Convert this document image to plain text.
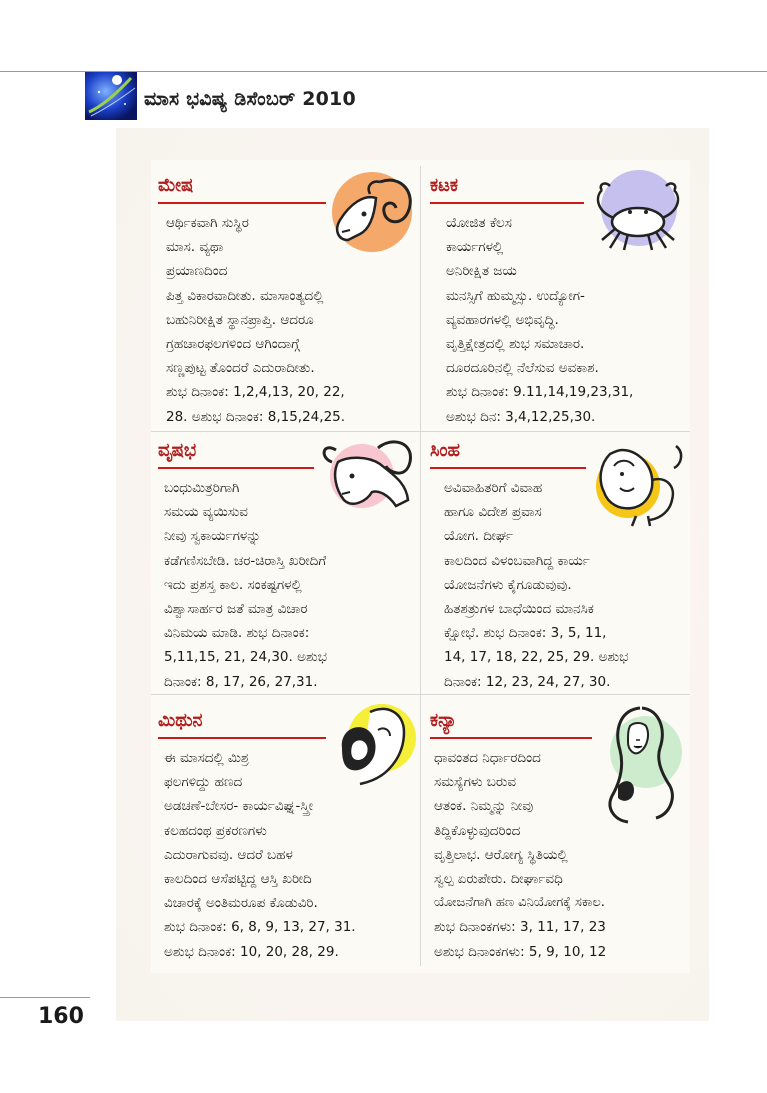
ಮಾಸ ಭವಿಷ್ಯ ಡಿಸೆಂಬರ್ 2010
ಮೇಷ
ಆರ್ಥಿಕವಾಗಿ ಸುಸ್ಥಿರ
ಮಾಸ. ವ್ಯಥಾ
ಪ್ರಯಾಣದಿಂದ
ಪಿತ್ತ ವಿಕಾರವಾದೀತು. ಮಾಸಾಂತ್ಯದಲ್ಲಿ
ಬಹುನಿರೀಕ್ಷಿತ ಸ್ಥಾನಪ್ರಾಪ್ತಿ. ಆದರೂ
ಗ್ರಹಚಾರಫಲಗಳಿಂದ ಆಗಿಂದಾಗ್ಗೆ
ಸಣ್ಣಪುಟ್ಟ ತೊಂದರೆ ಎದುರಾದೀತು.
ಶುಭ ದಿನಾಂಕ: 1,2,4,13, 20, 22,
28. ಅಶುಭ ದಿನಾಂಕ: 8,15,24,25.
ಕಟಕ
ಯೋಜಿತ ಕೆಲಸ
ಕಾರ್ಯಗಳಲ್ಲಿ
ಅನಿರೀಕ್ಷಿತ ಜಯ
ಮನಸ್ಸಿಗೆ ಹುಮ್ಮಸ್ಸು. ಉದ್ಯೋಗ-
ವ್ಯವಹಾರಗಳಲ್ಲಿ ಅಭಿವೃದ್ಧಿ.
ವೃತ್ತಿಕ್ಷೇತ್ರದಲ್ಲಿ ಶುಭ ಸಮಾಚಾರ.
ದೂರದೂರಿನಲ್ಲಿ ನೆಲೆಸುವ ಅವಕಾಶ.
ಶುಭ ದಿನಾಂಕ: 9.11,14,19,23,31,
ಅಶುಭ ದಿನ: 3,4,12,25,30.
ವೃಷಭ
ಬಂಧುಮಿತ್ರರಿಗಾಗಿ
ಸಮಯ ವ್ಯಯಿಸುವ
ನೀವು ಸ್ವಕಾರ್ಯಗಳನ್ನು
ಕಡೆಗಣಿಸಬೇಡಿ. ಚರ-ಚಿರಾಸ್ತಿ ಖರೀದಿಗೆ
ಇದು ಪ್ರಶಸ್ತ ಕಾಲ. ಸಂಕಷ್ಟಗಳಲ್ಲಿ
ವಿಶ್ವಾಸಾರ್ಹರ ಜತೆ ಮಾತ್ರ ವಿಚಾರ
ವಿನಿಮಯ ಮಾಡಿ. ಶುಭ ದಿನಾಂಕ:
5,11,15, 21, 24,30. ಅಶುಭ
ದಿನಾಂಕ: 8, 17, 26, 27,31.
ಸಿಂಹ
ಅವಿವಾಹಿತರಿಗೆ ವಿವಾಹ
ಹಾಗೂ ವಿದೇಶ ಪ್ರವಾಸ
ಯೋಗ. ದೀರ್ಘ
ಕಾಲದಿಂದ ವಿಳಂಬವಾಗಿದ್ದ ಕಾರ್ಯ
ಯೋಜನೆಗಳು ಕೈಗೂಡುವುವು.
ಹಿತಶತ್ರುಗಳ ಬಾಧೆಯಿಂದ ಮಾನಸಿಕ
ಕ್ಷೋಭೆ. ಶುಭ ದಿನಾಂಕ: 3, 5, 11,
14, 17, 18, 22, 25, 29. ಅಶುಭ
ದಿನಾಂಕ: 12, 23, 24, 27, 30.
ಮಿಥುನ
ಈ ಮಾಸದಲ್ಲಿ ಮಿಶ್ರ
ಫಲಗಳಿದ್ದು ಹಣದ
ಅಡಚಣೆ-ಬೇಸರ- ಕಾರ್ಯವಿಘ್ನ-ಸ್ತ್ರೀ
ಕಲಹದಂಥ ಪ್ರಕರಣಗಳು
ಎದುರಾಗುವವು. ಆದರೆ ಬಹಳ
ಕಾಲದಿಂದ ಆಸೆಪಟ್ಟಿದ್ದ ಆಸ್ತಿ ಖರೀದಿ
ವಿಚಾರಕ್ಕೆ ಅಂತಿಮರೂಪ ಕೊಡುವಿರಿ.
ಶುಭ ದಿನಾಂಕ: 6, 8, 9, 13, 27, 31.
ಅಶುಭ ದಿನಾಂಕ: 10, 20, 28, 29.
ಕನ್ಯಾ
ಧಾವಂತದ ನಿರ್ಧಾರದಿಂದ
ಸಮಸ್ಯೆಗಳು ಬರುವ
ಆತಂಕ. ನಿಮ್ಮನ್ನು ನೀವು
ತಿದ್ದಿಕೊಳ್ಳುವುದರಿಂದ
ವೃತ್ತಿಲಾಭ. ಆರೋಗ್ಯ ಸ್ಥಿತಿಯಲ್ಲಿ
ಸ್ವಲ್ಪ ಏರುಪೇರು. ದೀರ್ಘಾವಧಿ
ಯೋಜನೆಗಾಗಿ ಹಣ ವಿನಿಯೋಗಕ್ಕೆ ಸಕಾಲ.
ಶುಭ ದಿನಾಂಕಗಳು: 3, 11, 17, 23
ಅಶುಭ ದಿನಾಂಕಗಳು: 5, 9, 10, 12
160
